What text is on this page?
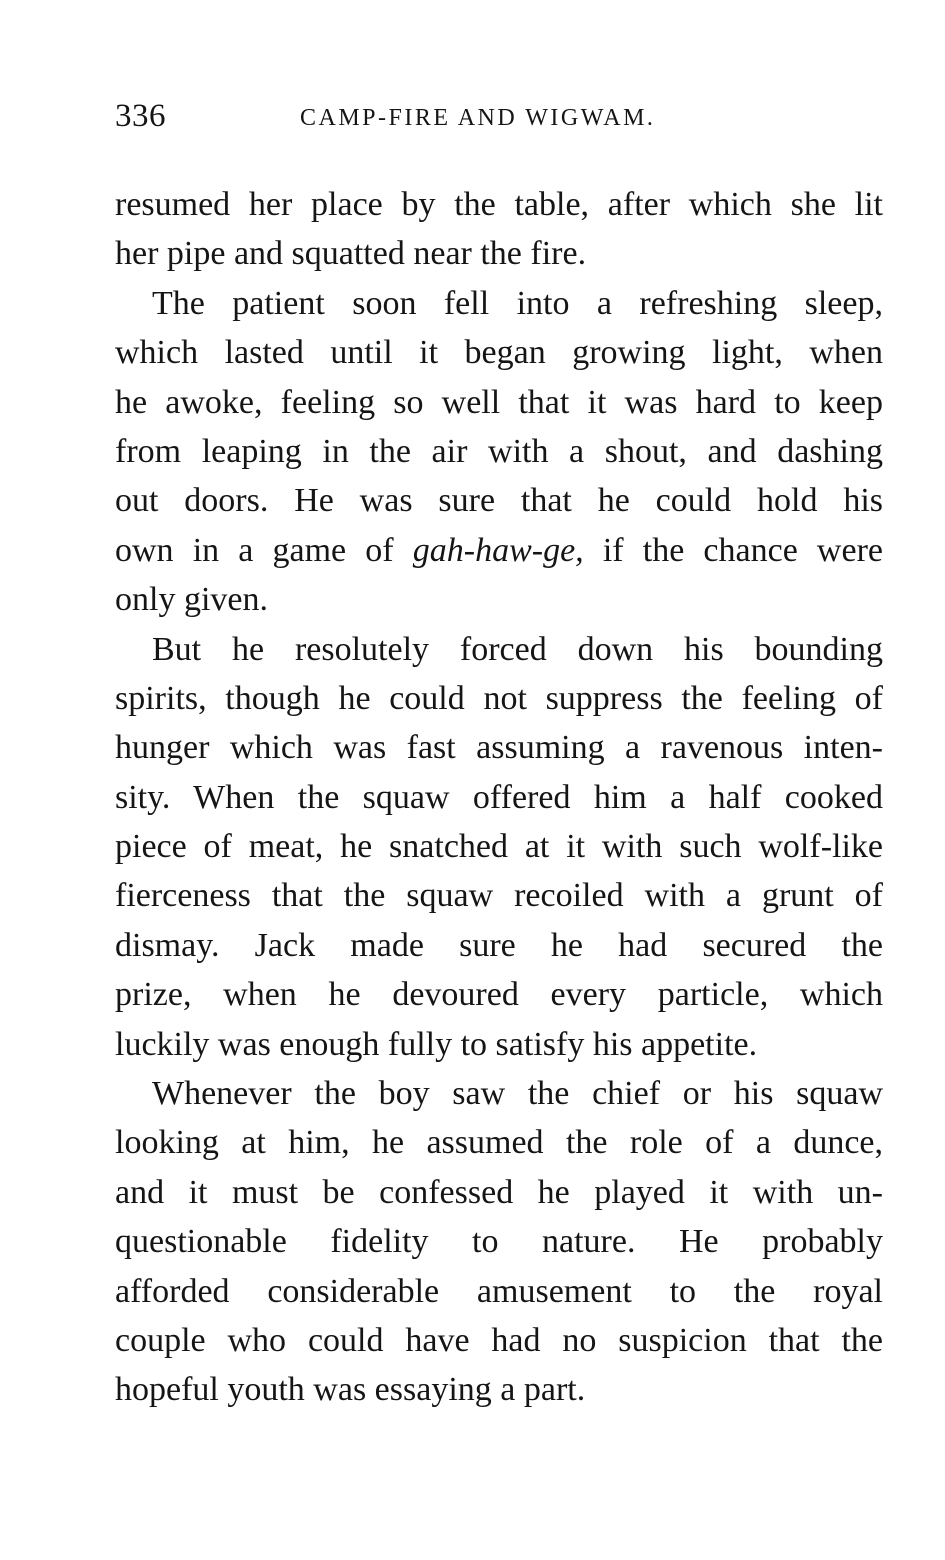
336	CAMP-FIRE AND WIGWAM.
resumed her place by the table, after which she lit
her pipe and squatted near the fire.
The patient soon fell into a refreshing sleep,
which lasted until it began growing light, when
he awoke, feeling so well that it was hard to keep
from leaping in the air with a shout, and dashing
out doors. He was sure that he could hold his
own in a game of gah-haw-ge, if the chance were
only given.
But he resolutely forced down his bounding
spirits, though he could not suppress the feeling of
hunger which was fast assuming a ravenous inten-
sity. When the squaw offered him a half cooked
piece of meat, he snatched at it with such wolf-like
fierceness that the squaw recoiled with a grunt of
dismay. Jack made sure he had secured the
prize, when he devoured every particle, which
luckily was enough fully to satisfy his appetite.
Whenever the boy saw the chief or his squaw
looking at him, he assumed the role of a dunce,
and it must be confessed he played it with un-
questionable fidelity to nature. He probably
afforded considerable amusement to the royal
couple who could have had no suspicion that the
hopeful youth was essaying a part.
